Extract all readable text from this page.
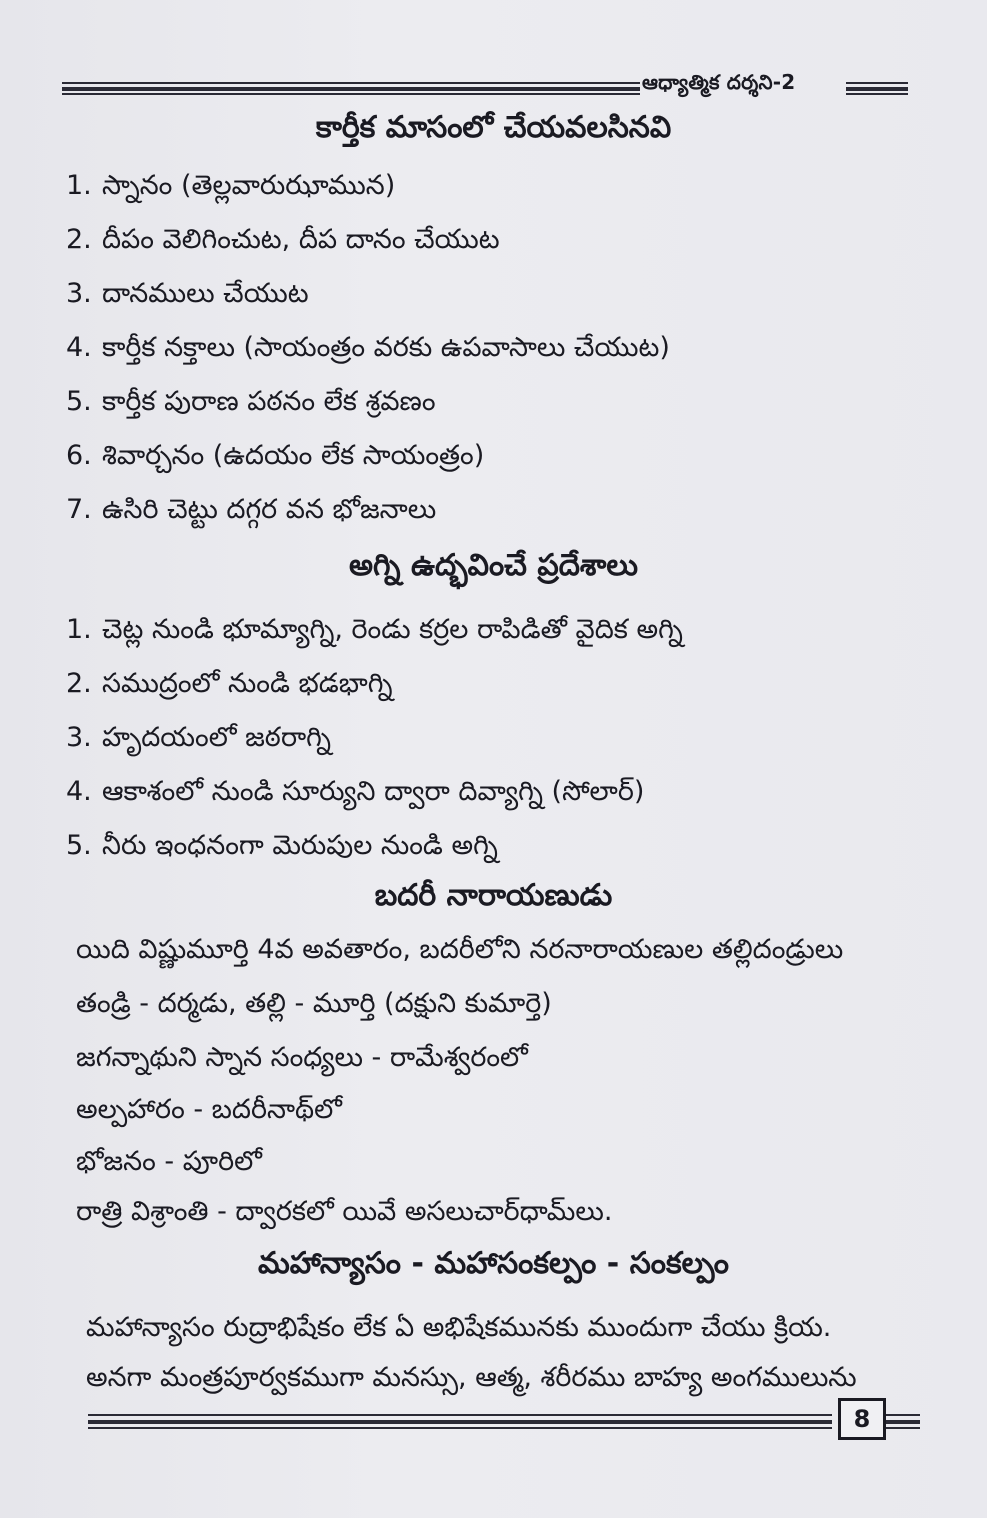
ఆధ్యాత్మిక దర్శని-2
కార్తీక మాసంలో చేయవలసినవి
1. స్నానం (తెల్లవారుఝామున)
2. దీపం వెలిగించుట, దీప దానం చేయుట
3. దానములు చేయుట
4. కార్తీక నక్తాలు (సాయంత్రం వరకు ఉపవాసాలు చేయుట)
5. కార్తీక పురాణ పఠనం లేక శ్రవణం
6. శివార్చనం (ఉదయం లేక సాయంత్రం)
7. ఉసిరి చెట్టు దగ్గర వన భోజనాలు
అగ్ని ఉద్భవించే ప్రదేశాలు
1. చెట్ల నుండి భూమ్యాగ్ని, రెండు కర్రల రాపిడితో వైదిక అగ్ని
2. సముద్రంలో నుండి భడభాగ్ని
3. హృదయంలో జఠరాగ్ని
4. ఆకాశంలో నుండి సూర్యుని ద్వారా దివ్యాగ్ని (సోలార్)
5. నీరు ఇంధనంగా మెరుపుల నుండి అగ్ని
బదరీ నారాయణుడు
యిది విష్ణుమూర్తి 4వ అవతారం, బదరీలోని నరనారాయణుల తల్లిదండ్రులు
తండ్రి - దర్మడు, తల్లి - మూర్తి (దక్షుని కుమార్తె)
జగన్నాథుని స్నాన సంధ్యలు - రామేశ్వరంలో
అల్పహారం - బదరీనాథ్‌లో
భోజనం - పూరిలో
రాత్రి విశ్రాంతి - ద్వారకలో యివే అసలుచార్‌ధామ్‌లు.
మహాన్యాసం - మహాసంకల్పం - సంకల్పం
మహాన్యాసం రుద్రాభిషేకం లేక ఏ అభిషేకమునకు ముందుగా చేయు క్రియ.
అనగా మంత్రపూర్వకముగా మనస్సు, ఆత్మ, శరీరము బాహ్య అంగములును
8
